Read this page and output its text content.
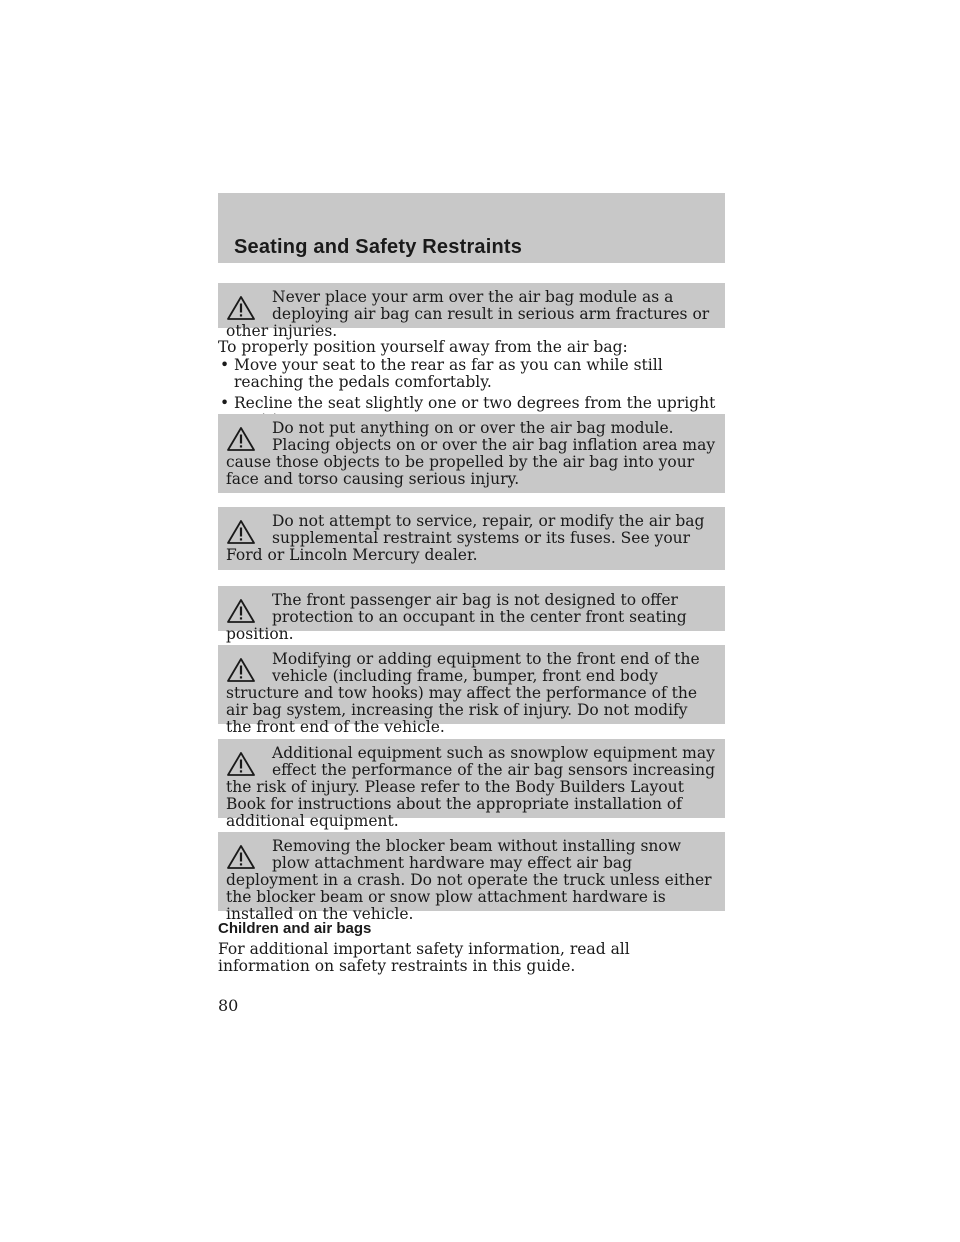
Seating and Safety Restraints
Never place your arm over the air bag module as a deploying air bag can result in serious arm fractures or other injuries.
To properly position yourself away from the air bag:
• Move your seat to the rear as far as you can while still reaching the pedals comfortably.
• Recline the seat slightly one or two degrees from the upright
Do not put anything on or over the air bag module. Placing objects on or over the air bag inflation area may cause those objects to be propelled by the air bag into your face and torso causing serious injury.
Do not attempt to service, repair, or modify the air bag supplemental restraint systems or its fuses. See your Ford or Lincoln Mercury dealer.
The front passenger air bag is not designed to offer protection to an occupant in the center front seating position.
Modifying or adding equipment to the front end of the vehicle (including frame, bumper, front end body structure and tow hooks) may affect the performance of the air bag system, increasing the risk of injury. Do not modify the front end of the vehicle.
Additional equipment such as snowplow equipment may effect the performance of the air bag sensors increasing the risk of injury. Please refer to the Body Builders Layout Book for instructions about the appropriate installation of additional equipment.
Removing the blocker beam without installing snow plow attachment hardware may effect air bag deployment in a crash. Do not operate the truck unless either the blocker beam or snow plow attachment hardware is installed on the vehicle.
Children and air bags
For additional important safety information, read all information on safety restraints in this guide.
80
